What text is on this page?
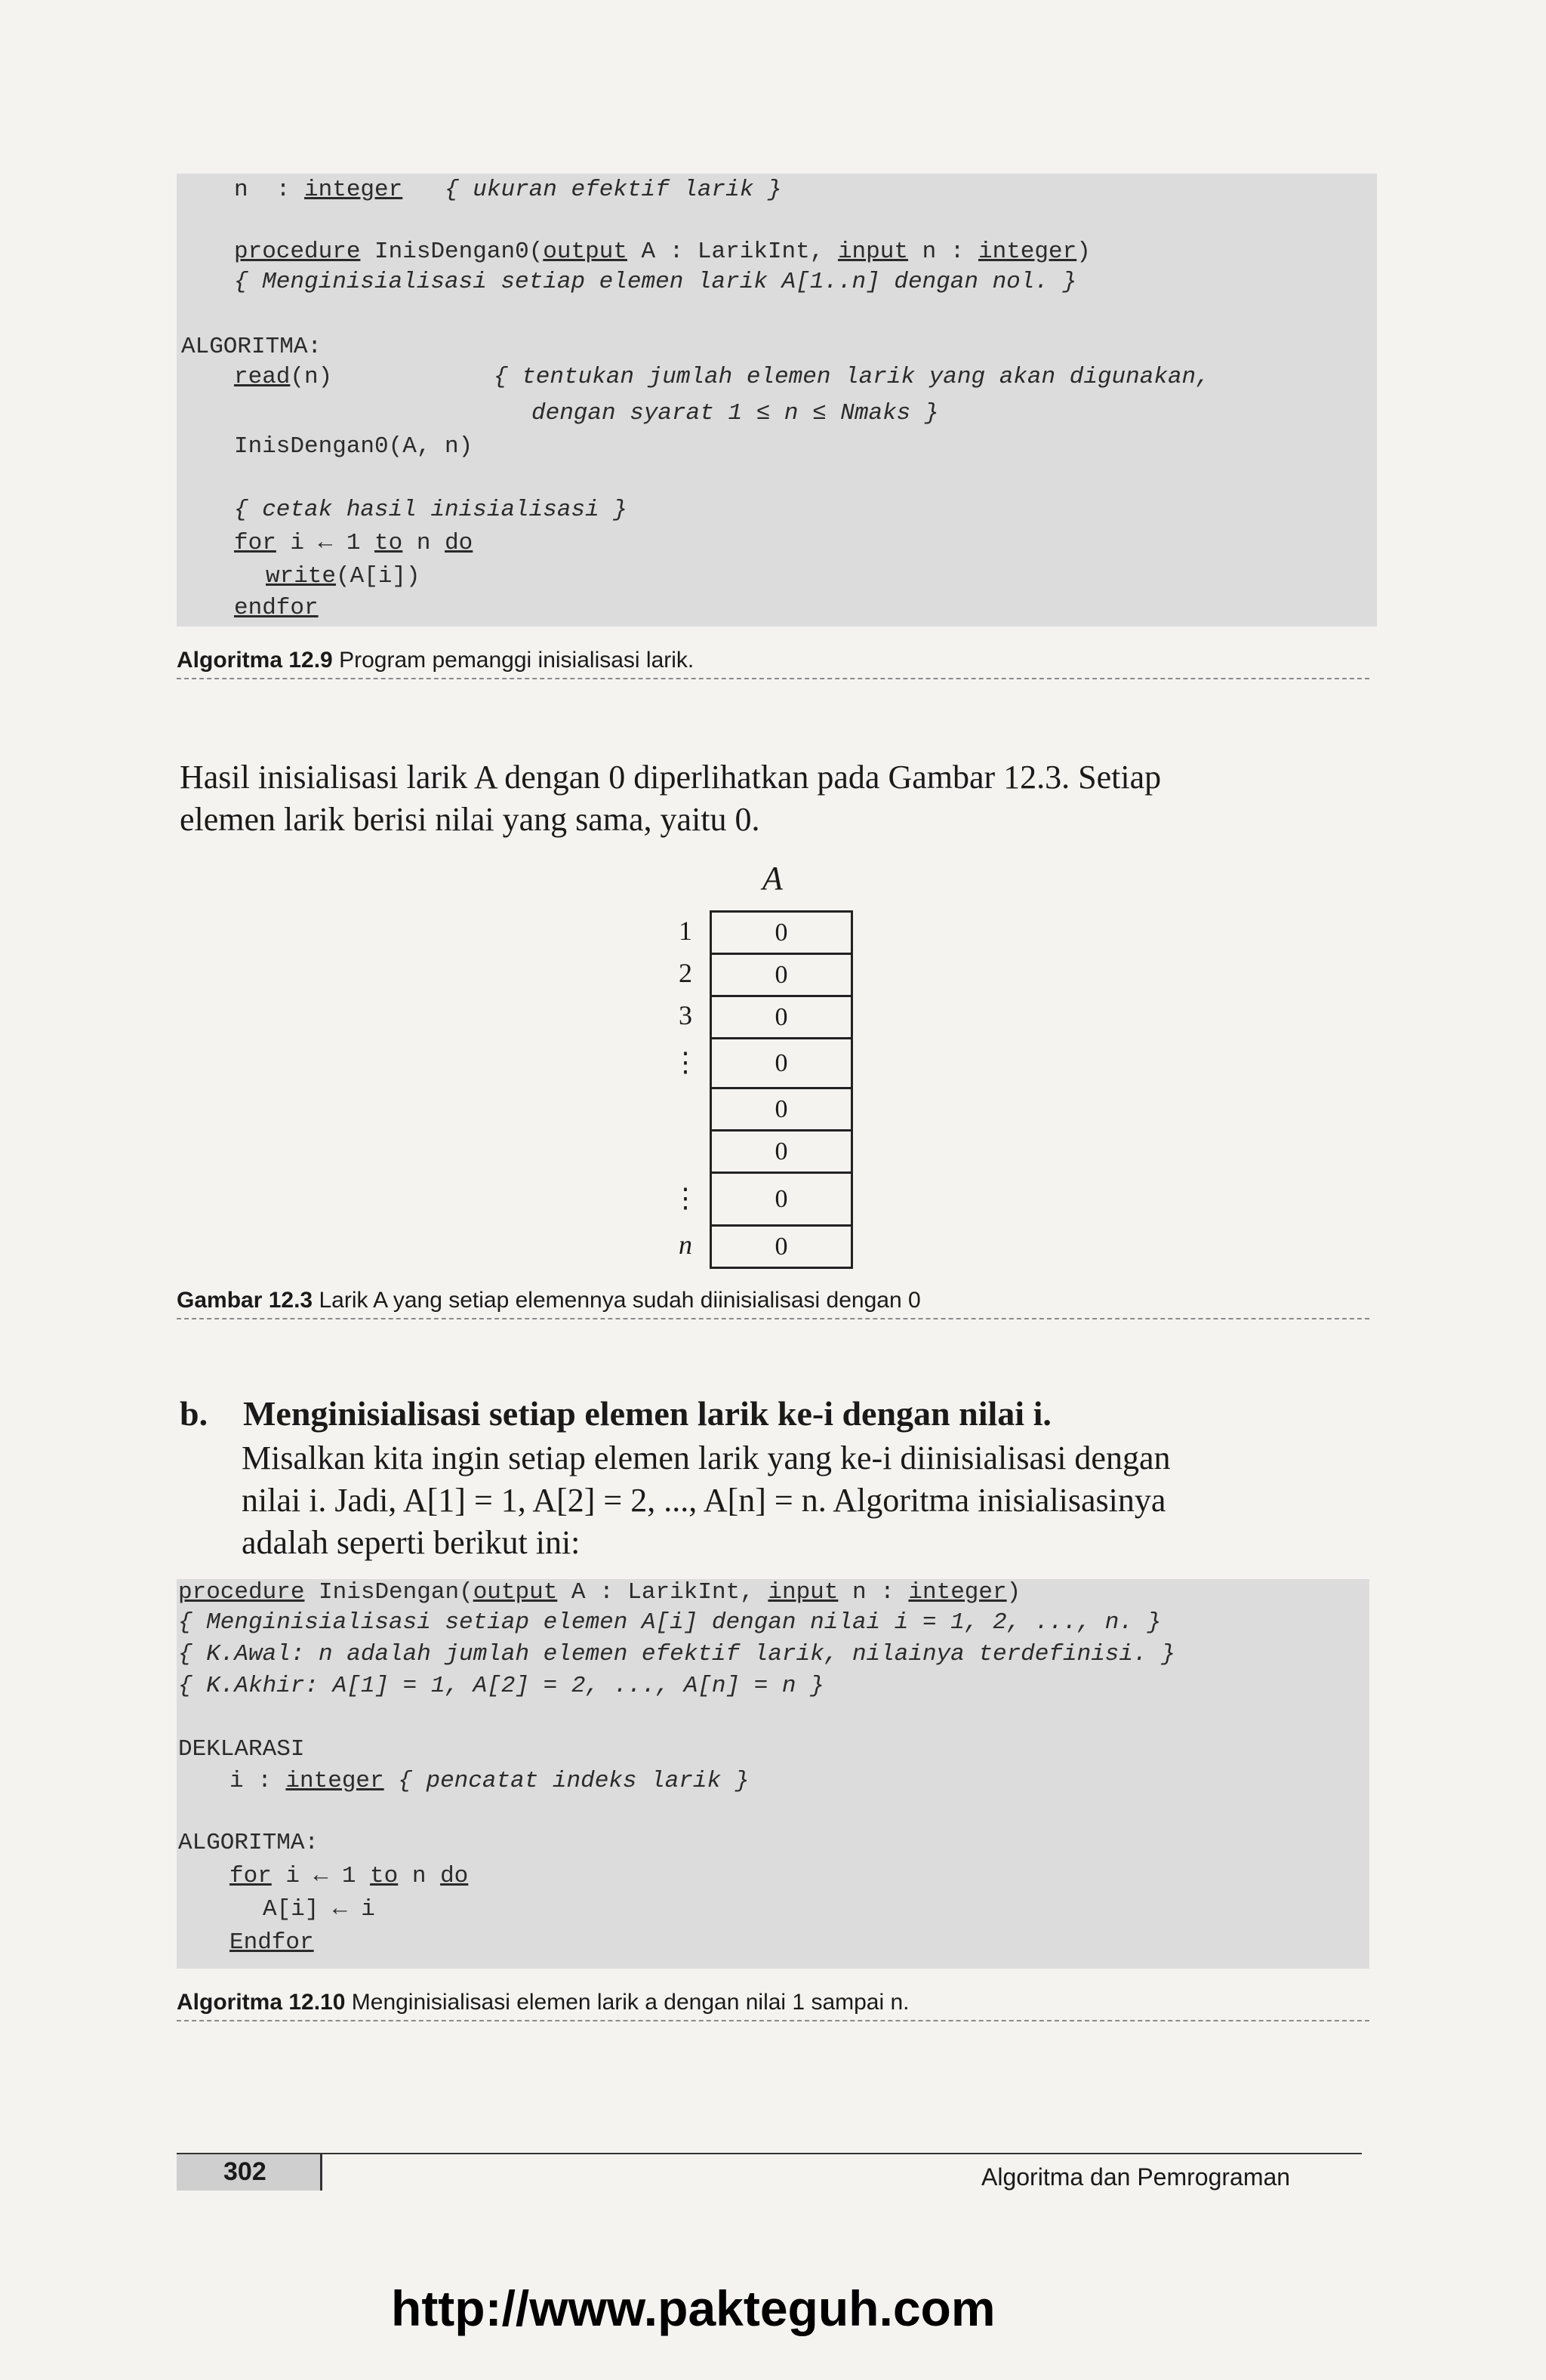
n  : integer { ukuran efektif larik }
procedure InisDengan0(output A : LarikInt, input n : integer)
{ Menginisialisasi setiap elemen larik A[1..n] dengan nol. }
ALGORITMA:
read(n)	{ tentukan jumlah elemen larik yang akan digunakan,
dengan syarat 1 ≤ n ≤ Nmaks }
InisDengan0(A, n)
{ cetak hasil inisialisasi }
for i ← 1 to n do
write(A[i])
endfor
Algoritma 12.9 Program pemanggi inisialisasi larik.
Hasil inisialisasi larik A dengan 0 diperlihatkan pada Gambar 12.3. Setiap
elemen larik berisi nilai yang sama, yaitu 0.
A
0
1
0
2
0
3
0
⋮
0
0
0
⋮
0
n
Gambar 12.3 Larik A yang setiap elemennya sudah diinisialisasi dengan 0
b. Menginisialisasi setiap elemen larik ke-i dengan nilai i.
Misalkan kita ingin setiap elemen larik yang ke-i diinisialisasi dengan
nilai i. Jadi, A[1] = 1, A[2] = 2, ..., A[n] = n. Algoritma inisialisasinya
adalah seperti berikut ini:
procedure InisDengan(output A : LarikInt, input n : integer)
{ Menginisialisasi setiap elemen A[i] dengan nilai i = 1, 2, ..., n. }
{ K.Awal: n adalah jumlah elemen efektif larik, nilainya terdefinisi. }
{ K.Akhir: A[1] = 1, A[2] = 2, ..., A[n] = n }
DEKLARASI
i : integer { pencatat indeks larik }
ALGORITMA:
for i ← 1 to n do
A[i] ← i
Endfor
Algoritma 12.10 Menginisialisasi elemen larik a dengan nilai 1 sampai n.
302	Algoritma dan Pemrograman
http://www.pakteguh.com
